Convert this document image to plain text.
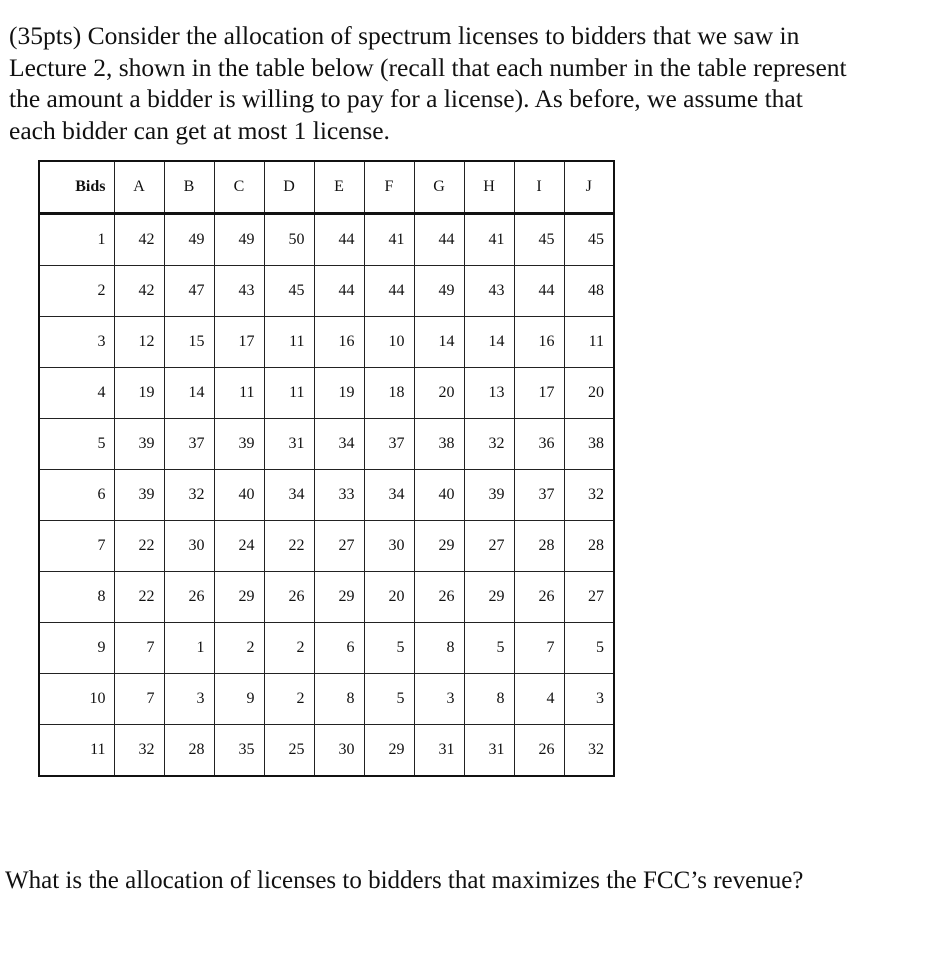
(35pts) Consider the allocation of spectrum licenses to bidders that we saw in
Lecture 2, shown in the table below (recall that each number in the table represent
the amount a bidder is willing to pay for a license). As before, we assume that
each bidder can get at most 1 license.

Bids	A	B	C	D	E	F	G	H	I	J
1	42	49	49	50	44	41	44	41	45	45
2	42	47	43	45	44	44	49	43	44	48
3	12	15	17	11	16	10	14	14	16	11
4	19	14	11	11	19	18	20	13	17	20
5	39	37	39	31	34	37	38	32	36	38
6	39	32	40	34	33	34	40	39	37	32
7	22	30	24	22	27	30	29	27	28	28
8	22	26	29	26	29	20	26	29	26	27
9	7	1	2	2	6	5	8	5	7	5
10	7	3	9	2	8	5	3	8	4	3
11	32	28	35	25	30	29	31	31	26	32

What is the allocation of licenses to bidders that maximizes the FCC’s revenue?
